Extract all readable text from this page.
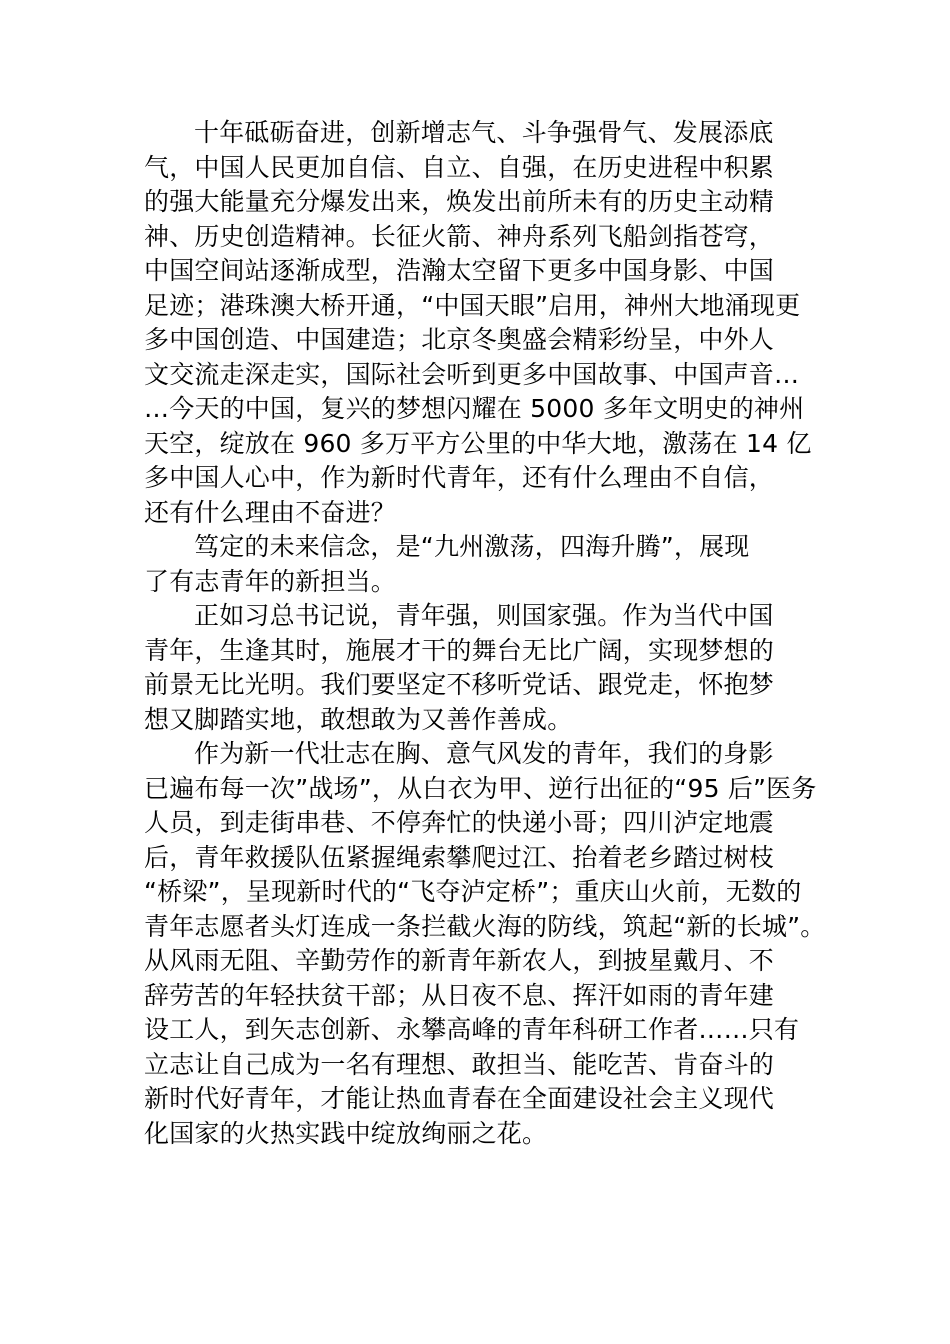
十年砥砺奋进，创新增志气、斗争强骨气、发展添底
气，中国人民更加自信、自立、自强，在历史进程中积累
的强大能量充分爆发出来，焕发出前所未有的历史主动精
神、历史创造精神。长征火箭、神舟系列飞船剑指苍穹，
中国空间站逐渐成型，浩瀚太空留下更多中国身影、中国
足迹；港珠澳大桥开通，“中国天眼”启用，神州大地涌现更
多中国创造、中国建造；北京冬奥盛会精彩纷呈，中外人
文交流走深走实，国际社会听到更多中国故事、中国声音…
…今天的中国，复兴的梦想闪耀在 5000 多年文明史的神州
天空，绽放在 960 多万平方公里的中华大地，激荡在 14 亿
多中国人心中，作为新时代青年，还有什么理由不自信，
还有什么理由不奋进？
笃定的未来信念，是“九州激荡，四海升腾”，展现
了有志青年的新担当。
正如习总书记说，青年强，则国家强。作为当代中国
青年，生逢其时，施展才干的舞台无比广阔，实现梦想的
前景无比光明。我们要坚定不移听党话、跟党走，怀抱梦
想又脚踏实地，敢想敢为又善作善成。
作为新一代壮志在胸、意气风发的青年，我们的身影
已遍布每一次”战场”，从白衣为甲、逆行出征的“95 后”医务
人员，到走街串巷、不停奔忙的快递小哥；四川泸定地震
后，青年救援队伍紧握绳索攀爬过江、抬着老乡踏过树枝
“桥梁”，呈现新时代的“飞夺泸定桥”；重庆山火前，无数的
青年志愿者头灯连成一条拦截火海的防线，筑起“新的长城”。
从风雨无阻、辛勤劳作的新青年新农人，到披星戴月、不
辞劳苦的年轻扶贫干部；从日夜不息、挥汗如雨的青年建
设工人，到矢志创新、永攀高峰的青年科研工作者……只有
立志让自己成为一名有理想、敢担当、能吃苦、肯奋斗的
新时代好青年，才能让热血青春在全面建设社会主义现代
化国家的火热实践中绽放绚丽之花。
